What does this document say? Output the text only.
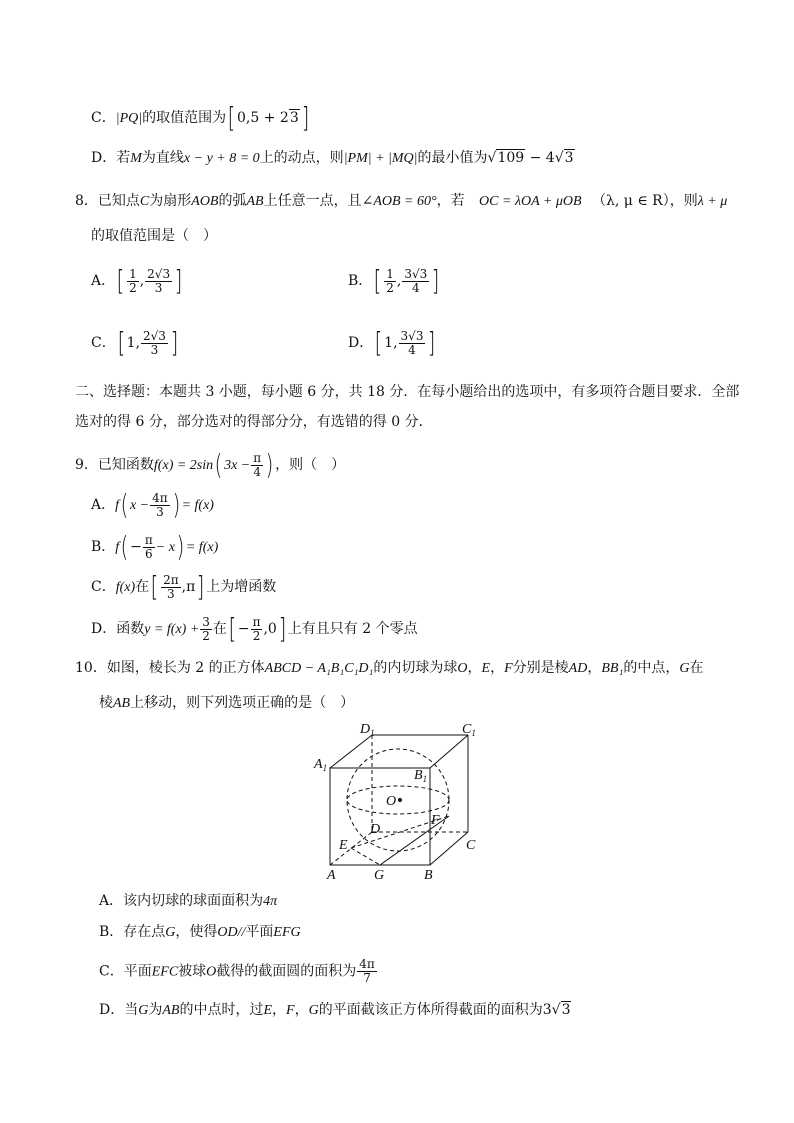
C．|PQ|的取值范围为[ 0,5 + 23]
D．若M为直线x − y + 8 = 0上的动点，则|PM| + |MQ|的最小值为√109 − 4√3
8．已知点C为扇形AOB的弧AB上任意一点，且∠AOB = 60°，若 OC = λOA + μOB （λ, μ ∈ R），则λ + μ
的取值范围是（　）
A．[ $\frac{1}{2}$ , $\frac{2√3}{3}$ ]	B．[ $\frac{1}{2}$ , $\frac{3√3}{4}$ ]
C．[ 1, $\frac{2√3}{3}$ ]	D．[ 1, $\frac{3√3}{4}$ ]
二、选择题：本题共 3 小题，每小题 6 分，共 18 分．在每小题给出的选项中，有多项符合题目要求．全部
选对的得 6 分，部分选对的得部分分，有选错的得 0 分．
9．已知函数f(x) = 2sin( $3x - \frac{\pi}{4}$ ) ，则（　）
A．f( $x - \frac{4\pi}{3}$ ) = f(x)
B．$f( - \frac{\pi}{6} - x) = f(x)$
C．f(x)在[ $\frac{2\pi}{3} ,\pi$] 上为增函数
D．函数$y = f(x) + \frac{3}{2}$ 在[ − $\frac{\pi}{2} ,0$] 上有且只有 2 个零点
10．如图，棱长为 2 的正方体ABCD − A₁B₁C₁D₁的内切球为球O，E，F分别是棱AD，BB₁的中点，G在
棱AB上移动，则下列选项正确的是（　）
$D_1$	$C_1$
$A_1$	$B_1$
O
D
F
C
E
A	G	B
A．该内切球的球面面积为4π
B．存在点G，使得OD//平面EFG
C．平面EFC被球O截得的截面圆的面积为 $\frac{4\pi}{7}$
D．当G为AB的中点时，过E，F，G的平面截该正方体所得截面的面积为3√3
